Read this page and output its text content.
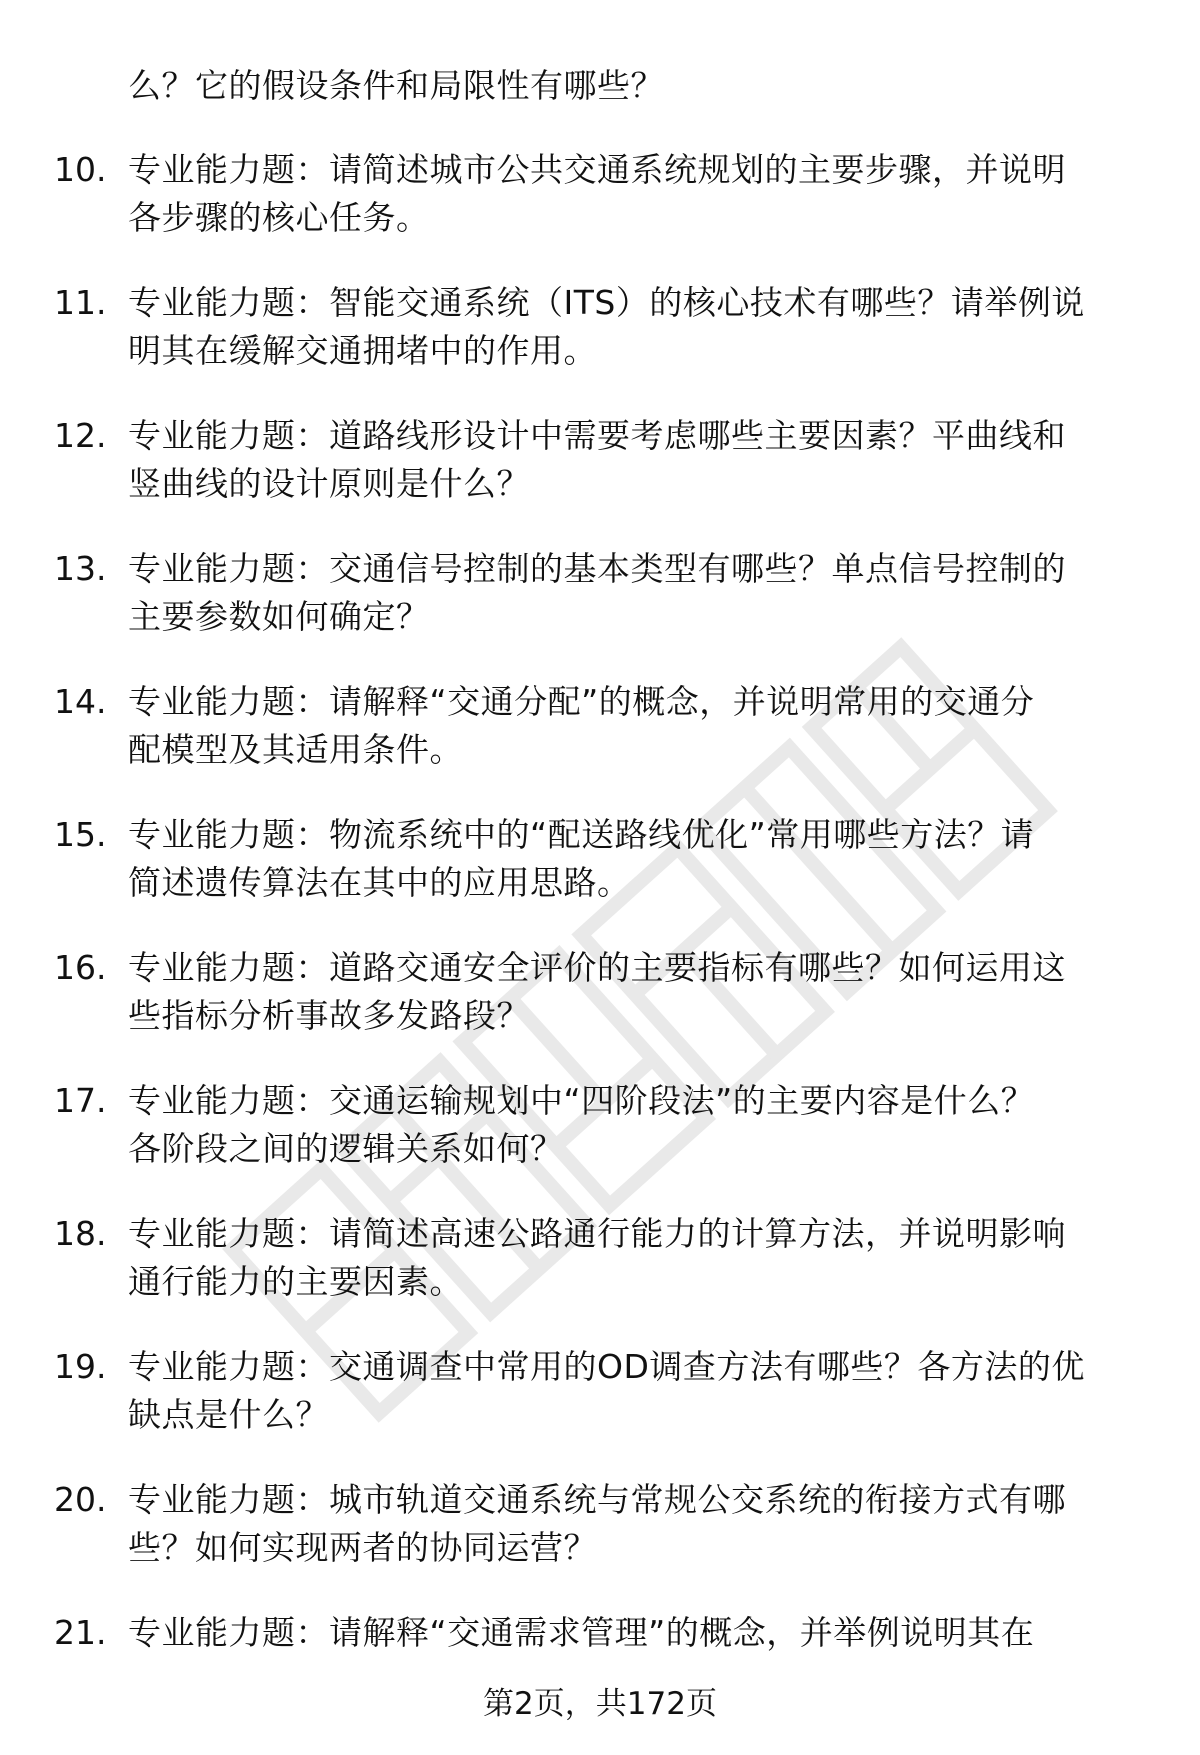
么？它的假设条件和局限性有哪些？
10. 专业能力题：请简述城市公共交通系统规划的主要步骤，并说明
各步骤的核心任务。
11. 专业能力题：智能交通系统（ITS）的核心技术有哪些？请举例说
明其在缓解交通拥堵中的作用。
12. 专业能力题：道路线形设计中需要考虑哪些主要因素？平曲线和
竖曲线的设计原则是什么？
13. 专业能力题：交通信号控制的基本类型有哪些？单点信号控制的
主要参数如何确定？
14. 专业能力题：请解释“交通分配”的概念，并说明常用的交通分
配模型及其适用条件。
15. 专业能力题：物流系统中的“配送路线优化”常用哪些方法？请
简述遗传算法在其中的应用思路。
16. 专业能力题：道路交通安全评价的主要指标有哪些？如何运用这
些指标分析事故多发路段？
17. 专业能力题：交通运输规划中“四阶段法”的主要内容是什么？
各阶段之间的逻辑关系如何？
18. 专业能力题：请简述高速公路通行能力的计算方法，并说明影响
通行能力的主要因素。
19. 专业能力题：交通调查中常用的OD调查方法有哪些？各方法的优
缺点是什么？
20. 专业能力题：城市轨道交通系统与常规公交系统的衔接方式有哪
些？如何实现两者的协同运营？
21. 专业能力题：请解释“交通需求管理”的概念，并举例说明其在
第2页，共172页
